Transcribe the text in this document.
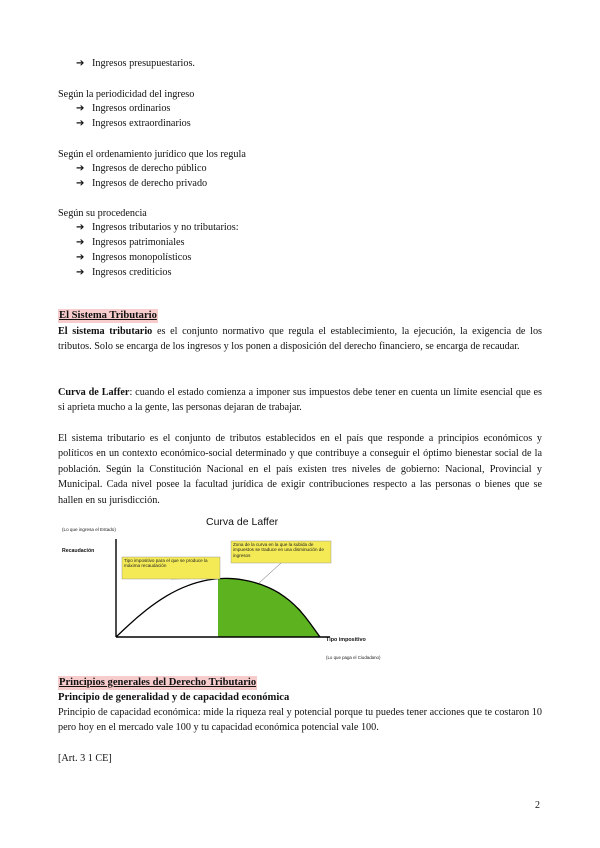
➔ Ingresos presupuestarios.
Según la periodicidad del ingreso
➔ Ingresos ordinarios
➔ Ingresos extraordinarios
Según el ordenamiento jurídico que los regula
➔ Ingresos de derecho público
➔ Ingresos de derecho privado
Según su procedencia
➔ Ingresos tributarios y no tributarios:
➔ Ingresos patrimoniales
➔ Ingresos monopolísticos
➔ Ingresos crediticios
El Sistema Tributario
El sistema tributario es el conjunto normativo que regula el establecimiento, la ejecución, la exigencia de los tributos. Solo se encarga de los ingresos y los ponen a disposición del derecho financiero, se encarga de recaudar.
Curva de Laffer: cuando el estado comienza a imponer sus impuestos debe tener en cuenta un límite esencial que es si aprieta mucho a la gente, las personas dejaran de trabajar.
El sistema tributario es el conjunto de tributos establecidos en el país que responde a principios económicos y políticos en un contexto económico-social determinado y que contribuye a conseguir el óptimo bienestar social de la población. Según la Constitución Nacional en el país existen tres niveles de gobierno: Nacional, Provincial y Municipal. Cada nivel posee la facultad jurídica de exigir contribuciones respecto a las personas o bienes que se hallen en su jurisdicción.
Curva de Laffer
(Lo que ingresa el Estado)
Recaudación
Tipo impositivo
(Lo que paga el Ciudadano)
Tipo impositivo para el que se produce la máxima recaudación
Zona de la curva en la que la subida de impuestos se traduce en una disminución de ingresos
Principios generales del Derecho Tributario
Principio de generalidad y de capacidad económica
Principio de capacidad económica: mide la riqueza real y potencial porque tu puedes tener acciones que te costaron 10 pero hoy en el mercado vale 100 y tu capacidad económica potencial vale 100.
[Art. 3 1 CE]
2
